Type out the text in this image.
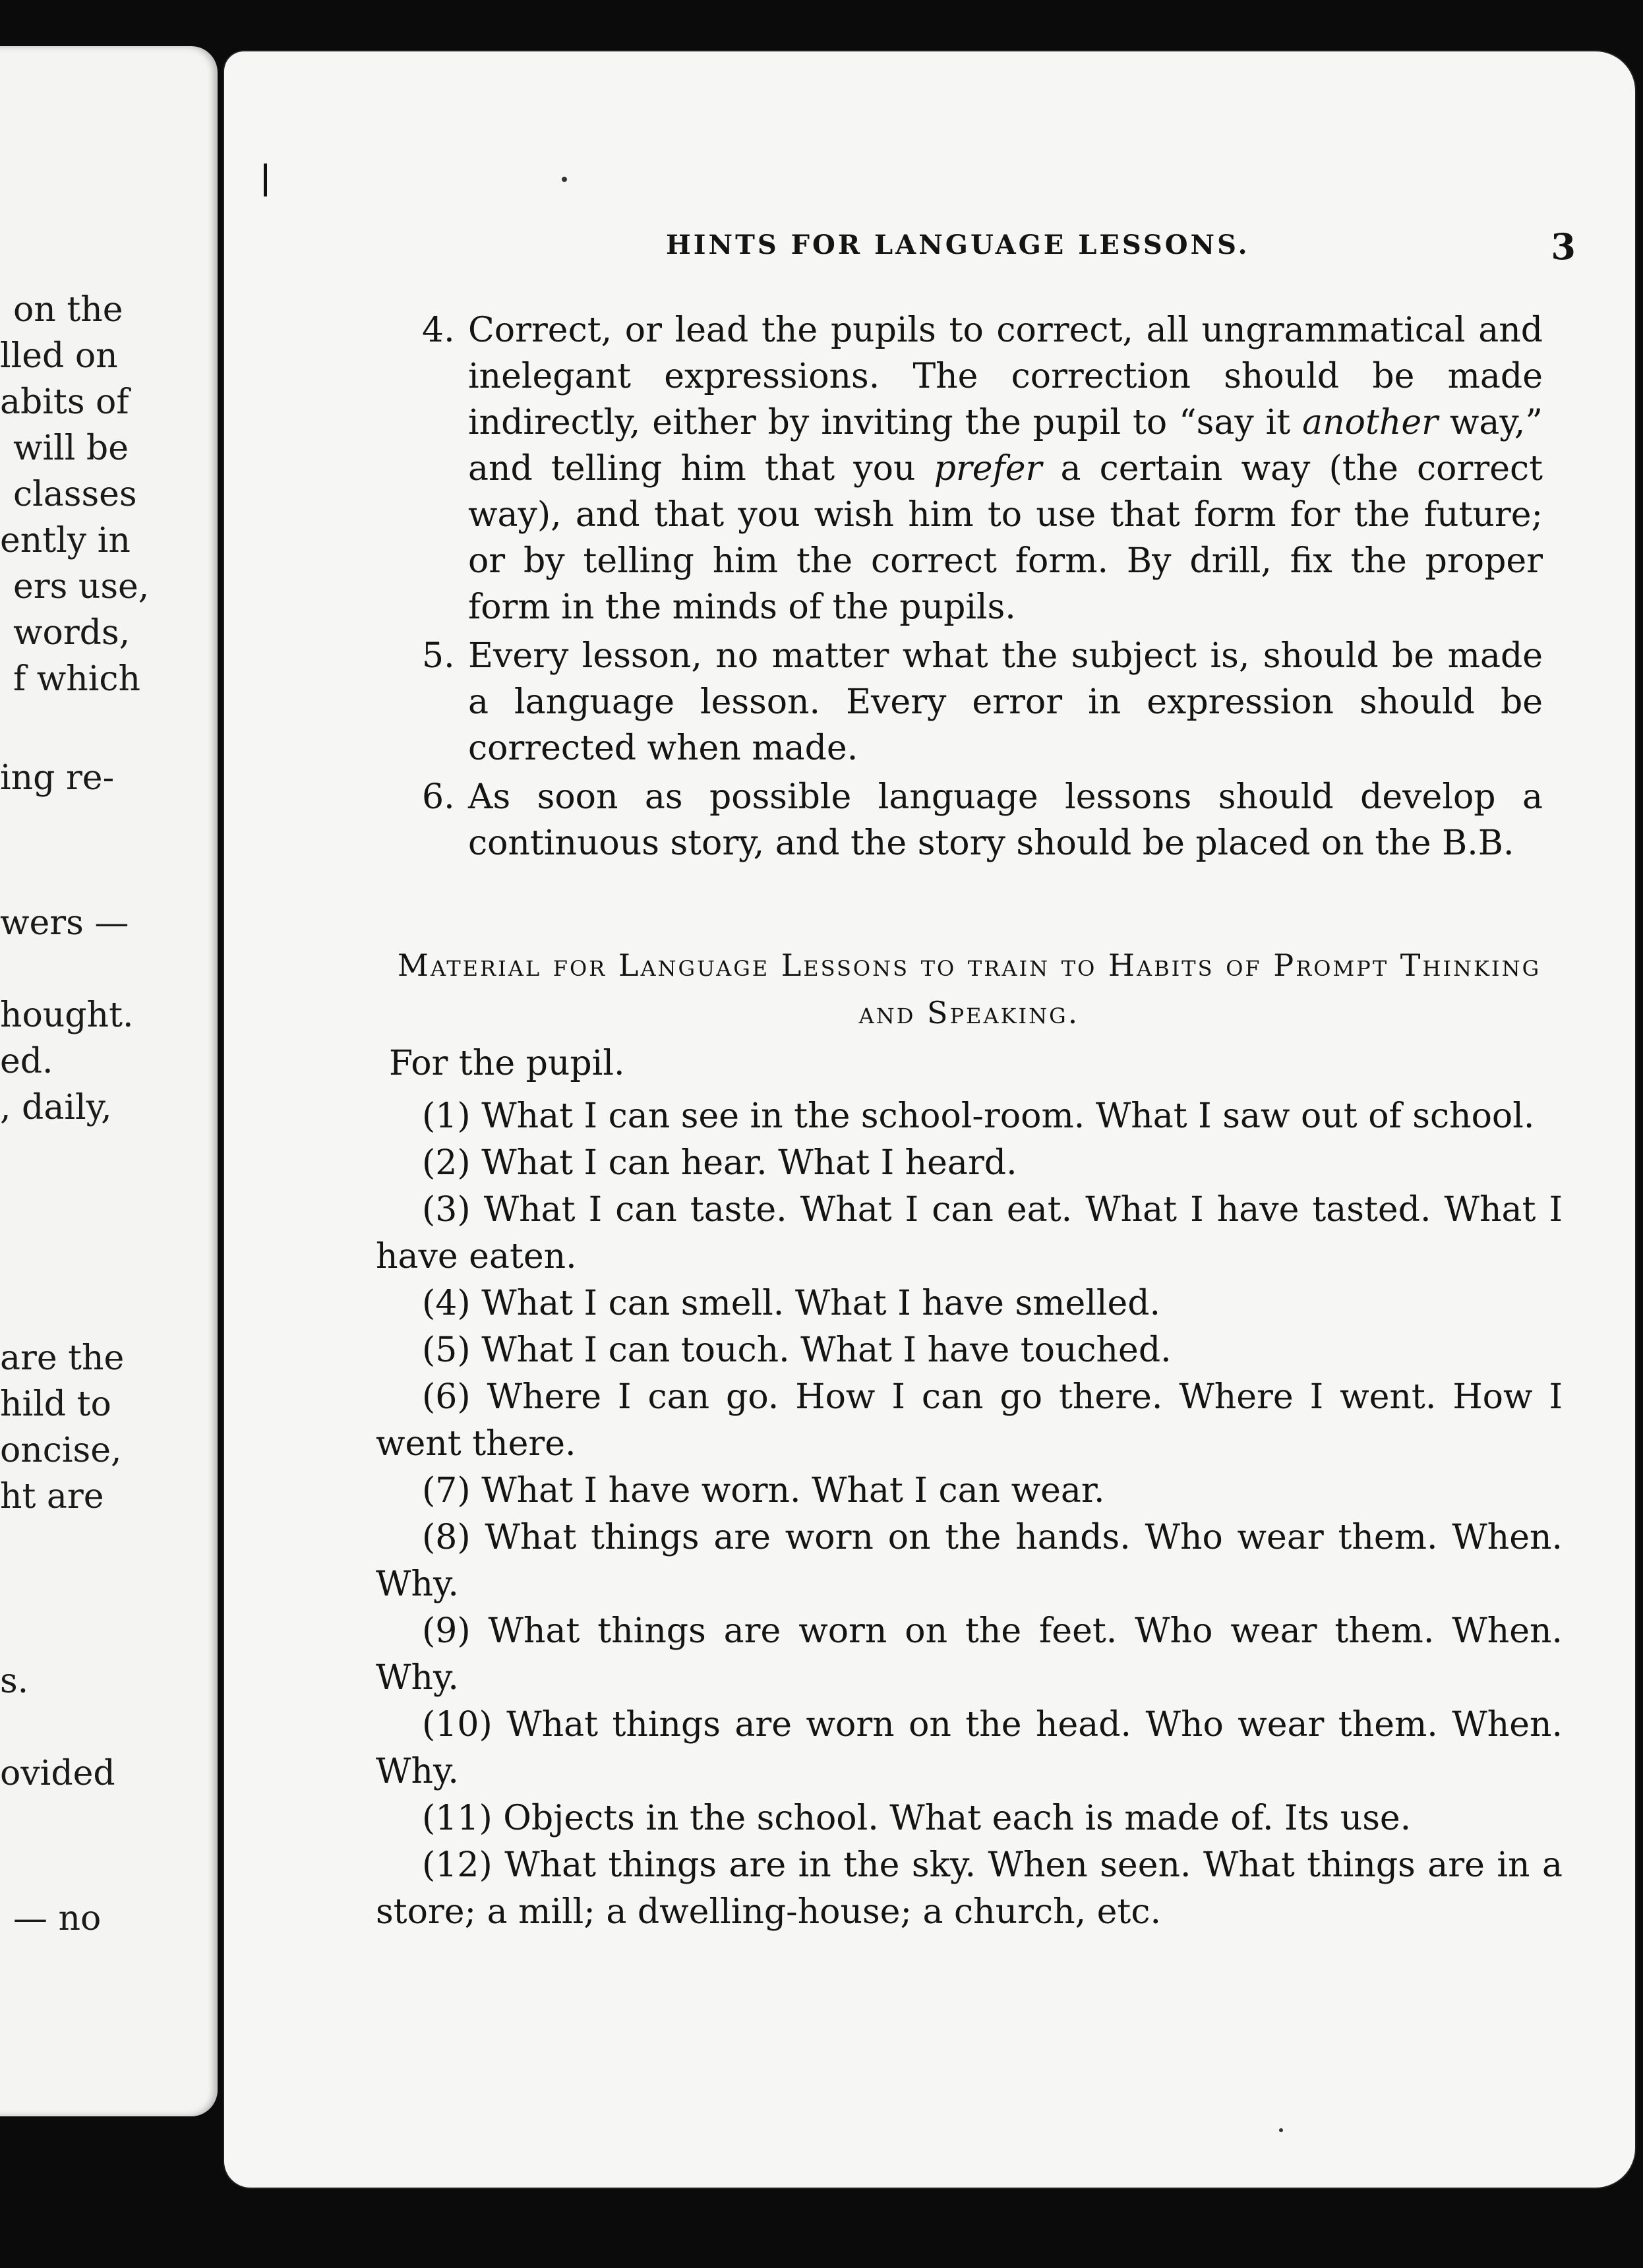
on the
lled on
abits of
will be
classes
ently in
ers use,
words,
f which
ing re-
wers —
hought.
ed.
, daily,
are the
hild to
oncise,
ht are
s.
ovided
— no
HINTS FOR LANGUAGE LESSONS.	3
4. Correct, or lead the pupils to correct, all ungrammatical and inelegant expressions. The correction should be made indirectly, either by inviting the pupil to “say it another way,” and telling him that you prefer a certain way (the correct way), and that you wish him to use that form for the future; or by telling him the correct form. By drill, fix the proper form in the minds of the pupils.
5. Every lesson, no matter what the subject is, should be made a language lesson. Every error in expression should be corrected when made.
6. As soon as possible language lessons should develop a continuous story, and the story should be placed on the B.B.
Material for Language Lessons to train to Habits of Prompt Thinking and Speaking.
For the pupil.
(1) What I can see in the school-room. What I saw out of school.
(2) What I can hear. What I heard.
(3) What I can taste. What I can eat. What I have tasted. What I have eaten.
(4) What I can smell. What I have smelled.
(5) What I can touch. What I have touched.
(6) Where I can go. How I can go there. Where I went. How I went there.
(7) What I have worn. What I can wear.
(8) What things are worn on the hands. Who wear them. When. Why.
(9) What things are worn on the feet. Who wear them. When. Why.
(10) What things are worn on the head. Who wear them. When. Why.
(11) Objects in the school. What each is made of. Its use.
(12) What things are in the sky. When seen. What things are in a store; a mill; a dwelling-house; a church, etc.
